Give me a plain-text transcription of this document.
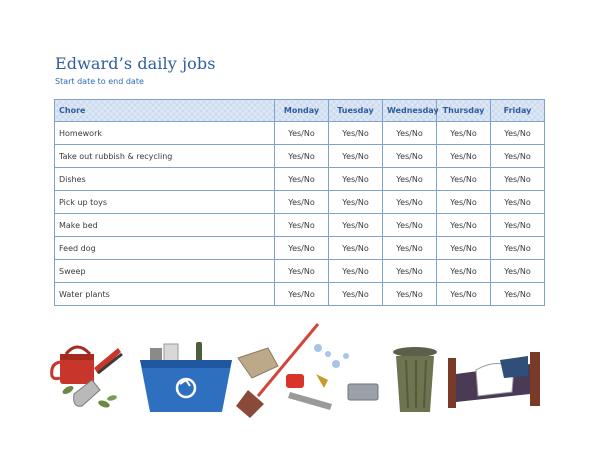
Edward’s daily jobs
Start date to end date
Chore	Monday	Tuesday	Wednesday	Thursday	Friday
Homework	Yes/No	Yes/No	Yes/No	Yes/No	Yes/No
Take out rubbish & recycling	Yes/No	Yes/No	Yes/No	Yes/No	Yes/No
Dishes	Yes/No	Yes/No	Yes/No	Yes/No	Yes/No
Pick up toys	Yes/No	Yes/No	Yes/No	Yes/No	Yes/No
Make bed	Yes/No	Yes/No	Yes/No	Yes/No	Yes/No
Feed dog	Yes/No	Yes/No	Yes/No	Yes/No	Yes/No
Sweep	Yes/No	Yes/No	Yes/No	Yes/No	Yes/No
Water plants	Yes/No	Yes/No	Yes/No	Yes/No	Yes/No
